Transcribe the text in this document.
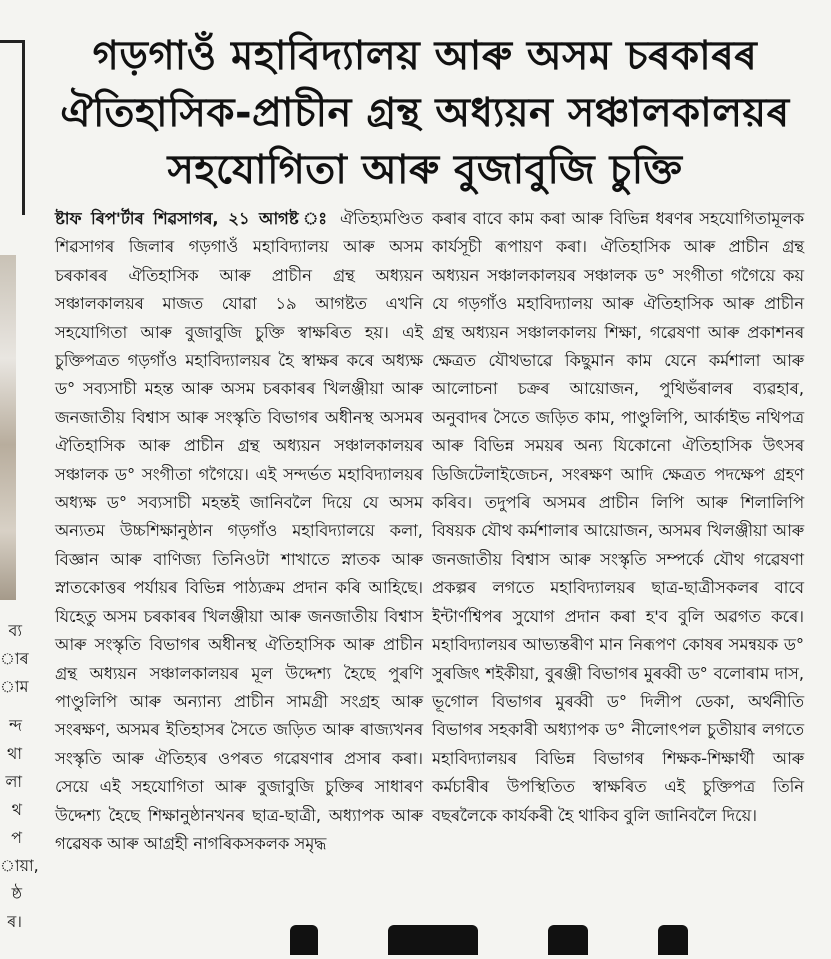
ব্য
াৰ
াম
ন্দ
থা
লা
থ
প
ায়া,
ষ্ঠ
ৰ।
গড়গাওঁ মহাবিদ্যালয় আৰু অসম চৰকাৰৰ
ঐতিহাসিক-প্ৰাচীন গ্ৰন্থ অধ্যয়ন সঞ্চালকালয়ৰ
সহযোগিতা আৰু বুজাবুজি চুক্তি

ষ্টাফ ৰিপ'ৰ্টাৰ শিৱসাগৰ, ২১ আগষ্ট ঃ ঐতিহ্যমণ্ডিত শিৱসাগৰ জিলাৰ গড়গাওঁ মহাবিদ্যালয় আৰু অসম চৰকাৰৰ ঐতিহাসিক আৰু প্ৰাচীন গ্ৰন্থ অধ্যয়ন সঞ্চালকালয়ৰ মাজত যোৱা ১৯ আগষ্টত এখনি সহযোগিতা আৰু বুজাবুজি চুক্তি স্বাক্ষৰিত হয়। এই চুক্তিপত্ৰত গড়গাঁও মহাবিদ্যালয়ৰ হৈ স্বাক্ষৰ কৰে অধ্যক্ষ ড° সব্যসাচী মহন্ত আৰু অসম চৰকাৰৰ খিলঞ্জীয়া আৰু জনজাতীয় বিশ্বাস আৰু সংস্কৃতি বিভাগৰ অধীনস্থ অসমৰ ঐতিহাসিক আৰু প্ৰাচীন গ্ৰন্থ অধ্যয়ন সঞ্চালকালয়ৰ সঞ্চালক ড° সংগীতা গগৈয়ে। এই সন্দৰ্ভত মহাবিদ্যালয়ৰ অধ্যক্ষ ড° সব্যসাচী মহন্তই জানিবলৈ দিয়ে যে অসম অন্যতম উচ্চশিক্ষানুষ্ঠান গড়গাঁও মহাবিদ্যালয়ে কলা, বিজ্ঞান আৰু বাণিজ্য তিনিওটা শাখাতে স্নাতক আৰু স্নাতকোত্তৰ পৰ্যায়ৰ বিভিন্ন পাঠ্যক্ৰম প্ৰদান কৰি আহিছে। যিহেতু অসম চৰকাৰৰ খিলঞ্জীয়া আৰু জনজাতীয় বিশ্বাস আৰু সংস্কৃতি বিভাগৰ অধীনস্থ ঐতিহাসিক আৰু প্ৰাচীন গ্ৰন্থ অধ্যয়ন সঞ্চালকালয়ৰ মূল উদ্দেশ্য হৈছে পুৰণি পাণ্ডুলিপি আৰু অন্যান্য প্ৰাচীন সামগ্ৰী সংগ্ৰহ আৰু সংৰক্ষণ, অসমৰ ইতিহাসৰ সৈতে জড়িত আৰু ৰাজ্যখনৰ সংস্কৃতি আৰু ঐতিহ্যৰ ওপৰত গৱেষণাৰ প্ৰসাৰ কৰা। সেয়ে এই সহযোগিতা আৰু বুজাবুজি চুক্তিৰ সাধাৰণ উদ্দেশ্য হৈছে শিক্ষানুষ্ঠানখনৰ ছাত্ৰ-ছাত্ৰী, অধ্যাপক আৰু গৱেষক আৰু আগ্ৰহী নাগৰিকসকলক সমৃদ্ধ

কৰাৰ বাবে কাম কৰা আৰু বিভিন্ন ধৰণৰ সহযোগিতামূলক কাৰ্যসূচী ৰূপায়ণ কৰা। ঐতিহাসিক আৰু প্ৰাচীন গ্ৰন্থ অধ্যয়ন সঞ্চালকালয়ৰ সঞ্চালক ড° সংগীতা গগৈয়ে কয় যে গড়গাঁও মহাবিদ্যালয় আৰু ঐতিহাসিক আৰু প্ৰাচীন গ্ৰন্থ অধ্যয়ন সঞ্চালকালয় শিক্ষা, গৱেষণা আৰু প্ৰকাশনৰ ক্ষেত্ৰত যৌথভাৱে কিছুমান কাম যেনে কৰ্মশালা আৰু আলোচনা চক্ৰৰ আয়োজন, পুথিভঁৰালৰ ব্যৱহাৰ, অনুবাদৰ সৈতে জড়িত কাম, পাণ্ডুলিপি, আৰ্কাইভ নথিপত্ৰ আৰু বিভিন্ন সময়ৰ অন্য যিকোনো ঐতিহাসিক উৎসৰ ডিজিটেলাইজেচন, সংৰক্ষণ আদি ক্ষেত্ৰত পদক্ষেপ গ্ৰহণ কৰিব। তদুপৰি অসমৰ প্ৰাচীন লিপি আৰু শিলালিপি বিষয়ক যৌথ কৰ্মশালাৰ আয়োজন, অসমৰ খিলঞ্জীয়া আৰু জনজাতীয় বিশ্বাস আৰু সংস্কৃতি সম্পৰ্কে যৌথ গৱেষণা প্ৰকল্পৰ লগতে মহাবিদ্যালয়ৰ ছাত্ৰ-ছাত্ৰীসকলৰ বাবে ইন্টাৰ্ণশ্বিপৰ সুযোগ প্ৰদান কৰা হ'ব বুলি অৱগত কৰে। মহাবিদ্যালয়ৰ আভ্যন্তৰীণ মান নিৰূপণ কোষৰ সমন্বয়ক ড° সুৰজিৎ শইকীয়া, বুৰঞ্জী বিভাগৰ মুৰব্বী ড° বলোৰাম দাস, ভূগোল বিভাগৰ মুৰব্বী ড° দিলীপ ডেকা, অৰ্থনীতি বিভাগৰ সহকাৰী অধ্যাপক ড° নীলোৎপল চুতীয়াৰ লগতে মহাবিদ্যালয়ৰ বিভিন্ন বিভাগৰ শিক্ষক-শিক্ষাৰ্থী আৰু কৰ্মচাৰীৰ উপস্থিতিত স্বাক্ষৰিত এই চুক্তিপত্ৰ তিনি বছৰলৈকে কাৰ্যকৰী হৈ থাকিব বুলি জানিবলৈ দিয়ে।
